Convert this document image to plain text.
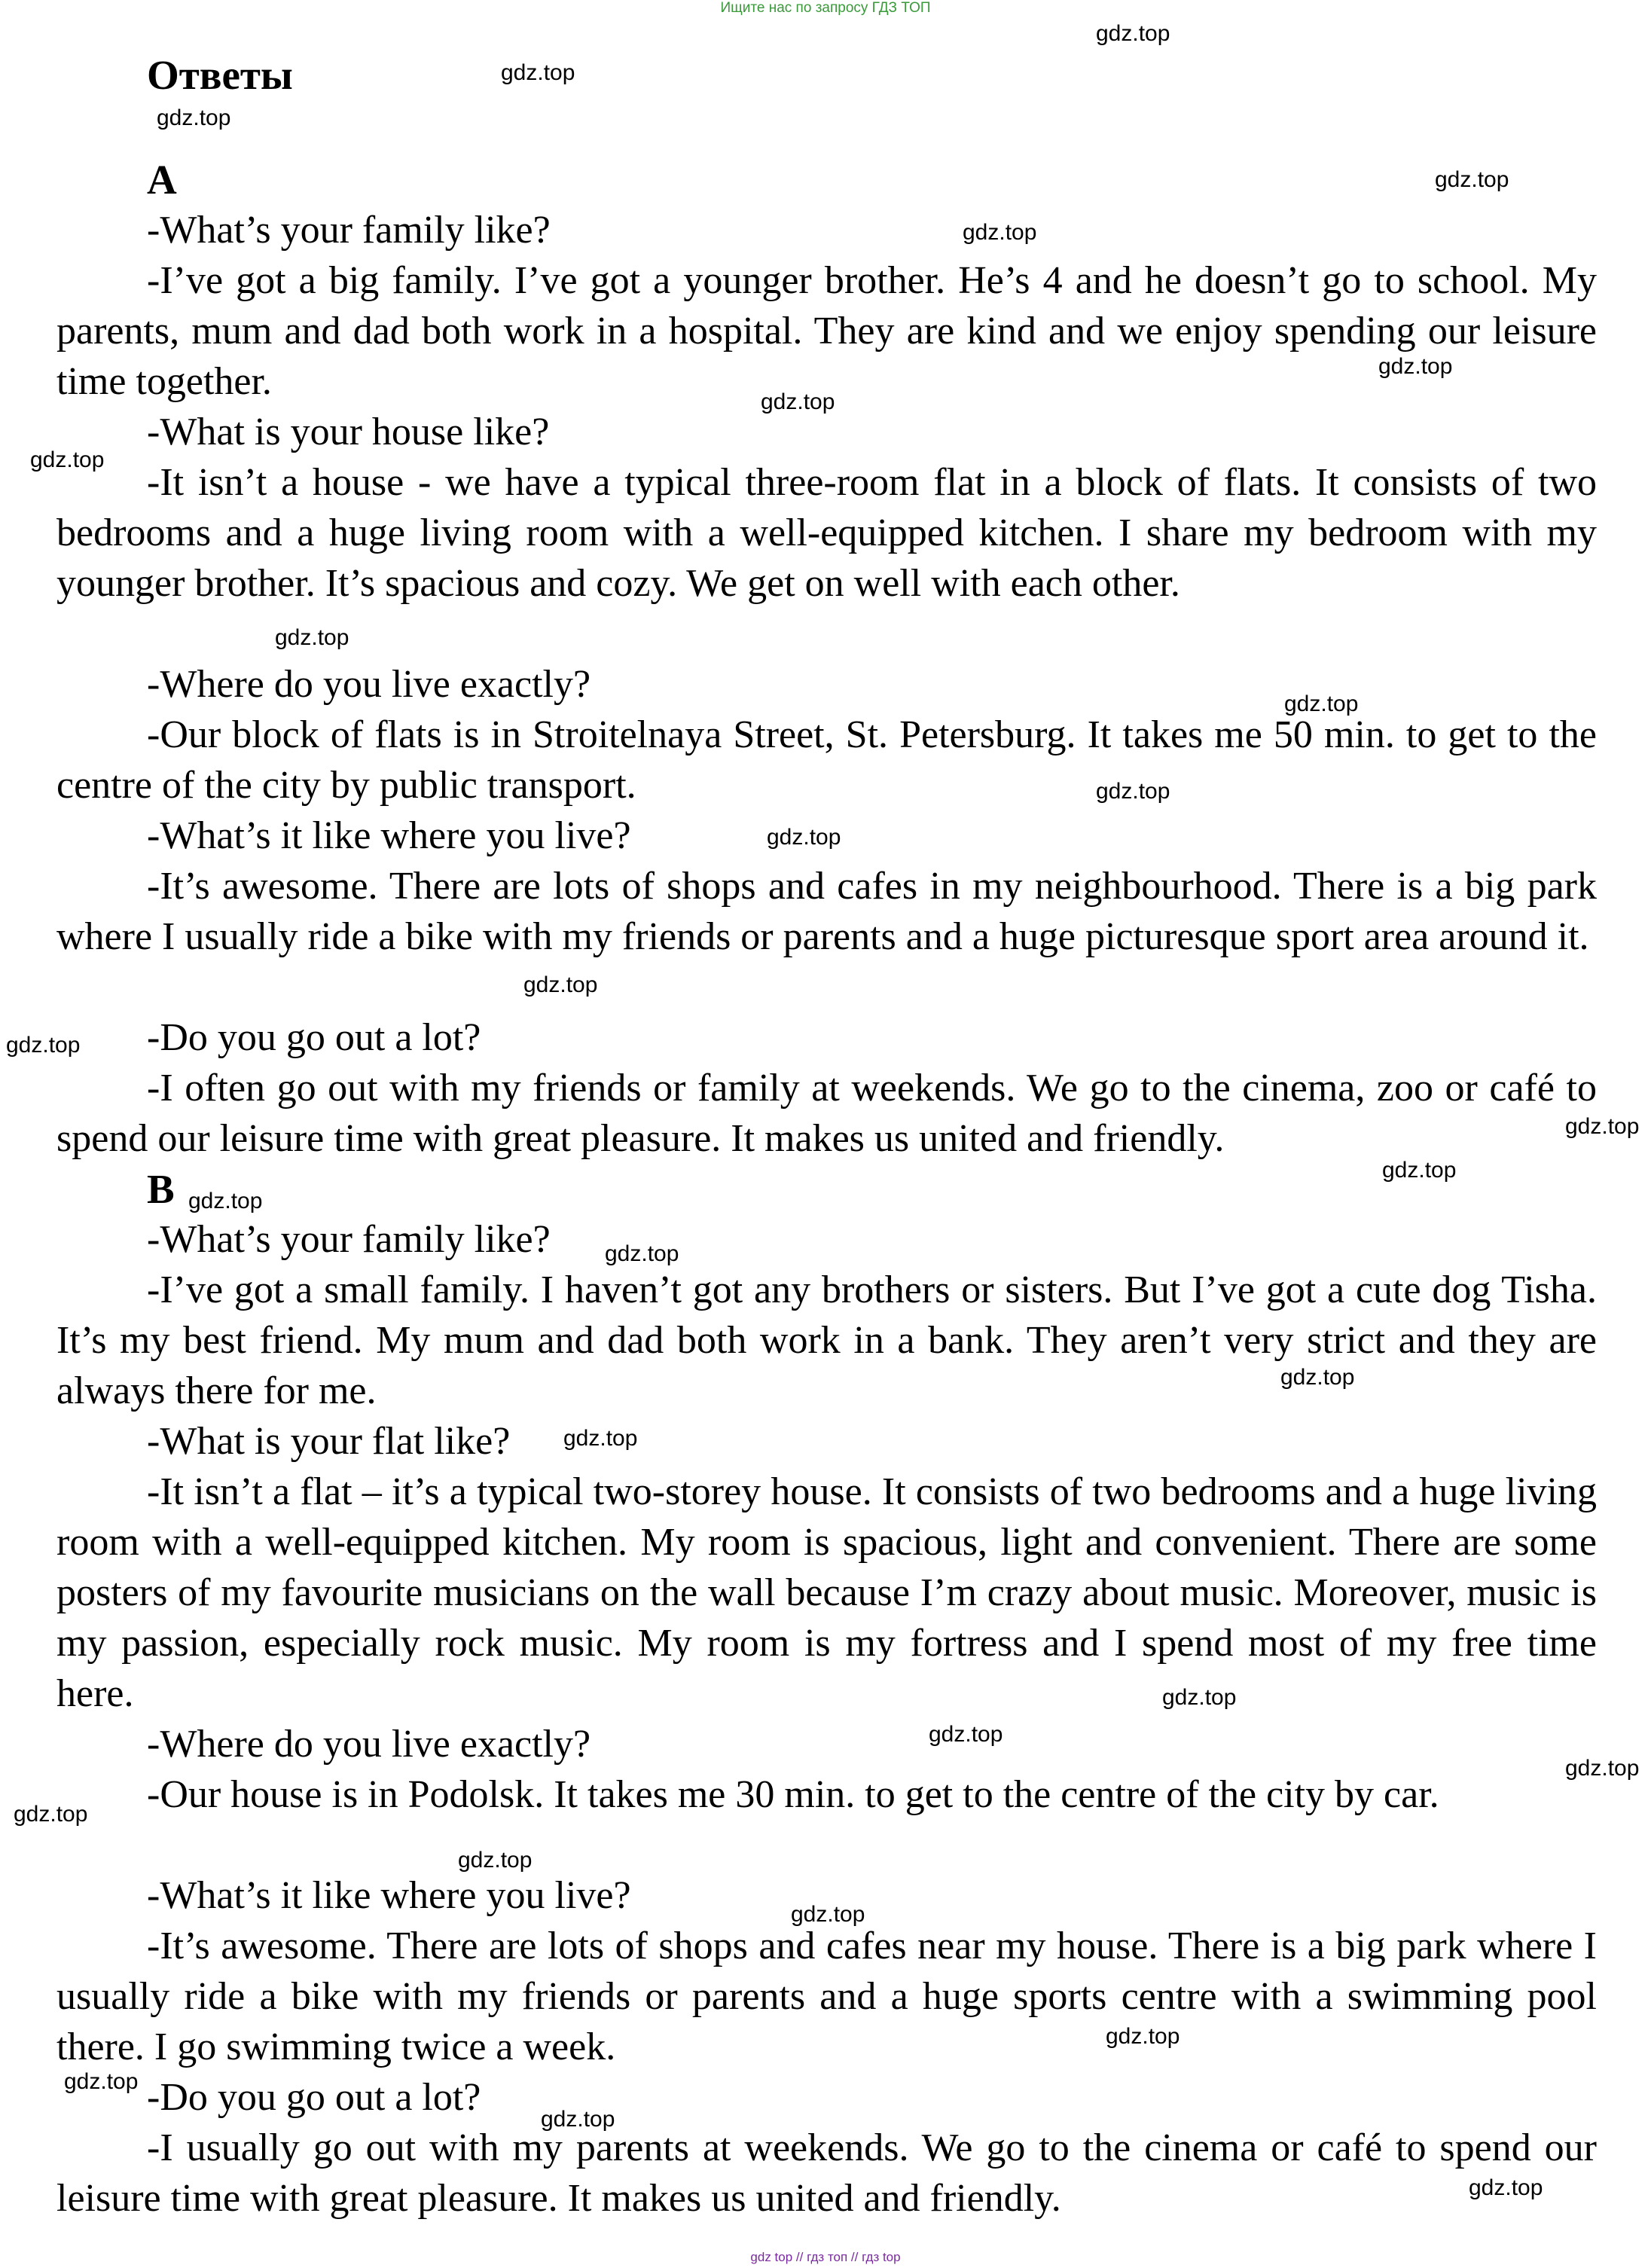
Ищите нас по запросу ГДЗ ТОП
Ответы
A

-What’s your family like?

-I’ve got a big family. I’ve got a younger brother. He’s 4 and he doesn’t go to school. My parents, mum and dad both work in a hospital. They are kind and we enjoy spending our leisure time together.

-What is your house like?

-It isn’t a house - we have a typical three-room flat in a block of flats. It consists of two bedrooms and a huge living room with a well-equipped kitchen. I share my bedroom with my younger brother. It’s spacious and cozy. We get on well with each other.

-Where do you live exactly?

-Our block of flats is in Stroitelnaya Street, St. Petersburg. It takes me 50 min. to get to the centre of the city by public transport.

-What’s it like where you live?

-It’s awesome. There are lots of shops and cafes in my neighbourhood. There is a big park where I usually ride a bike with my friends or parents and a huge picturesque sport area around it.

-Do you go out a lot?

-I often go out with my friends or family at weekends. We go to the cinema, zoo or café to spend our leisure time with great pleasure. It makes us united and friendly.

B

-What’s your family like?

-I’ve got a small family. I haven’t got any brothers or sisters. But I’ve got a cute dog Tisha. It’s my best friend. My mum and dad both work in a bank. They aren’t very strict and they are always there for me.

-What is your flat like?

-It isn’t a flat – it’s a typical two-storey house. It consists of two bedrooms and a huge living room with a well-equipped kitchen. My room is spacious, light and convenient. There are some posters of my favourite musicians on the wall because I’m crazy about music. Moreover, music is my passion, especially rock music. My room is my fortress and I spend most of my free time here.

-Where do you live exactly?

-Our house is in Podolsk. It takes me 30 min. to get to the centre of the city by car.

-What’s it like where you live?

-It’s awesome. There are lots of shops and cafes near my house. There is a big park where I usually ride a bike with my friends or parents and a huge sports centre with a swimming pool there. I go swimming twice a week.

-Do you go out a lot?

-I usually go out with my parents at weekends. We go to the cinema or café to spend our leisure time with great pleasure. It makes us united and friendly.

gdz.top
gdz.top
gdz.top
gdz.top
gdz.top
gdz.top
gdz.top
gdz.top
gdz.top
gdz.top
gdz.top
gdz.top
gdz.top
gdz.top
gdz.top
gdz.top
gdz.top
gdz.top
gdz.top
gdz.top
gdz.top
gdz.top
gdz.top
gdz.top
gdz.top
gdz.top
gdz.top
gdz.top
gdz.top
gdz.top
gdz top // гдз топ // гдз top
